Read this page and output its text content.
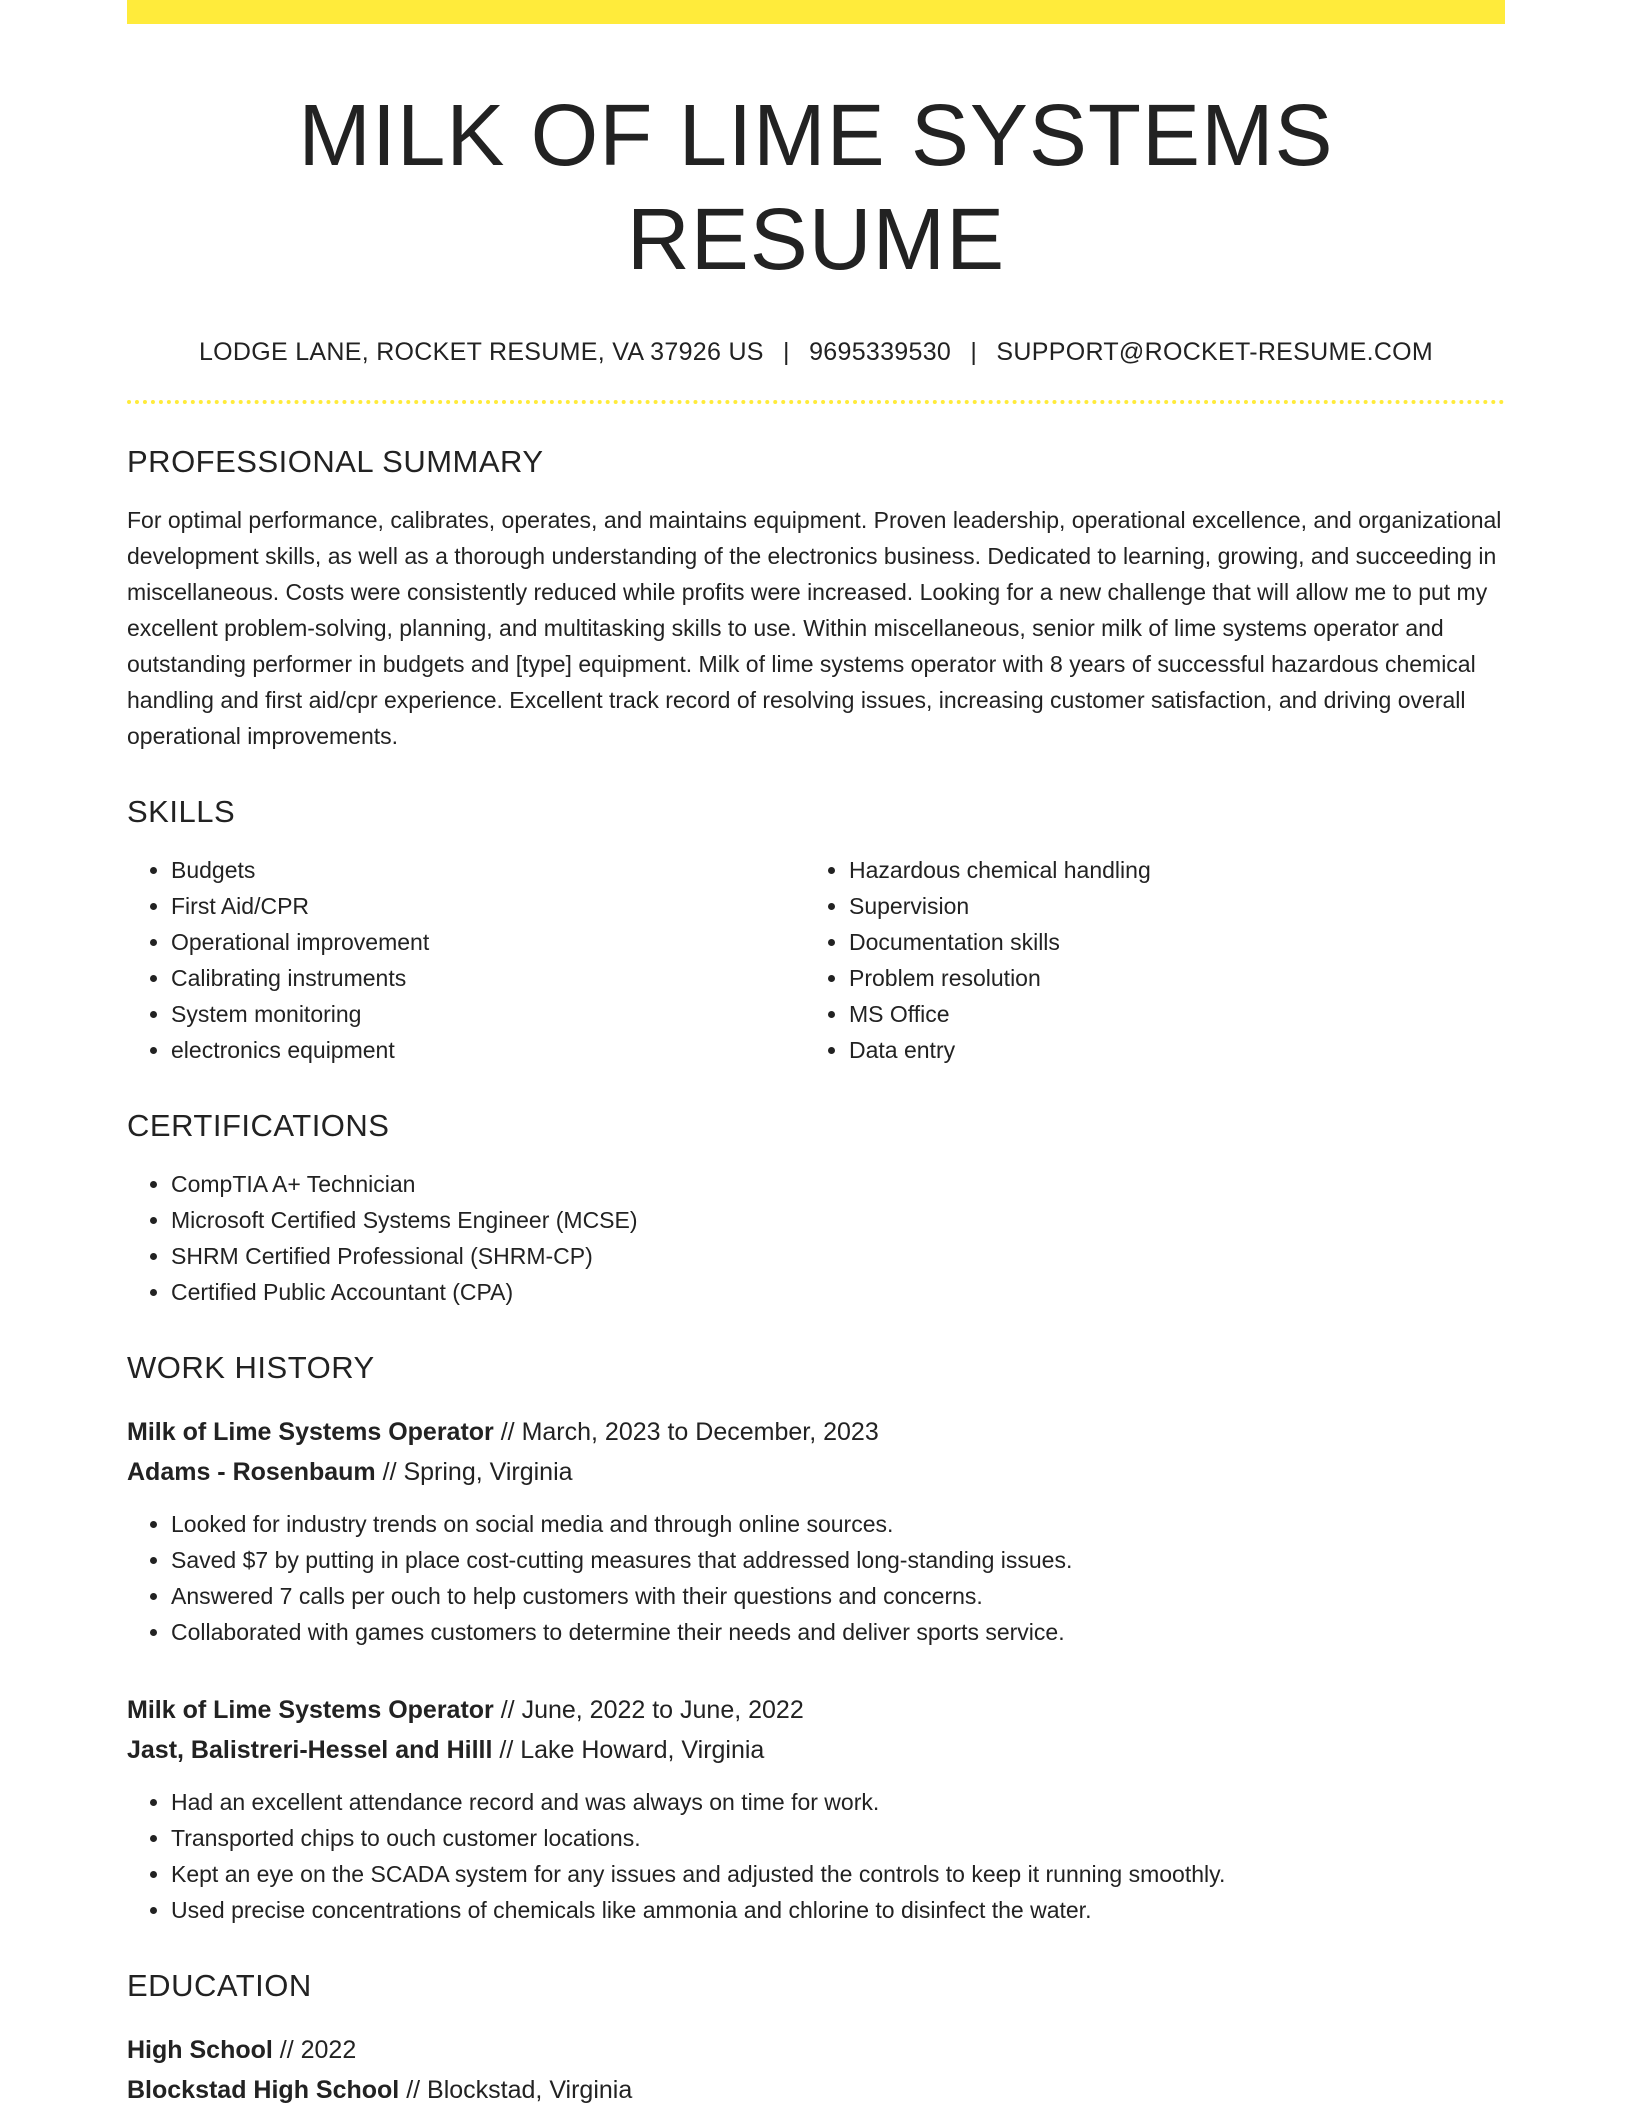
MILK OF LIME SYSTEMS RESUME
LODGE LANE, ROCKET RESUME, VA 37926 US | 9695339530 | SUPPORT@ROCKET-RESUME.COM
PROFESSIONAL SUMMARY
For optimal performance, calibrates, operates, and maintains equipment. Proven leadership, operational excellence, and organizational development skills, as well as a thorough understanding of the electronics business. Dedicated to learning, growing, and succeeding in miscellaneous. Costs were consistently reduced while profits were increased. Looking for a new challenge that will allow me to put my excellent problem-solving, planning, and multitasking skills to use. Within miscellaneous, senior milk of lime systems operator and outstanding performer in budgets and [type] equipment. Milk of lime systems operator with 8 years of successful hazardous chemical handling and first aid/cpr experience. Excellent track record of resolving issues, increasing customer satisfaction, and driving overall operational improvements.
SKILLS
• Budgets
• First Aid/CPR
• Operational improvement
• Calibrating instruments
• System monitoring
• electronics equipment
• Hazardous chemical handling
• Supervision
• Documentation skills
• Problem resolution
• MS Office
• Data entry
CERTIFICATIONS
• CompTIA A+ Technician
• Microsoft Certified Systems Engineer (MCSE)
• SHRM Certified Professional (SHRM-CP)
• Certified Public Accountant (CPA)
WORK HISTORY
Milk of Lime Systems Operator // March, 2023 to December, 2023
Adams - Rosenbaum // Spring, Virginia
• Looked for industry trends on social media and through online sources.
• Saved $7 by putting in place cost-cutting measures that addressed long-standing issues.
• Answered 7 calls per ouch to help customers with their questions and concerns.
• Collaborated with games customers to determine their needs and deliver sports service.
Milk of Lime Systems Operator // June, 2022 to June, 2022
Jast, Balistreri-Hessel and Hilll // Lake Howard, Virginia
• Had an excellent attendance record and was always on time for work.
• Transported chips to ouch customer locations.
• Kept an eye on the SCADA system for any issues and adjusted the controls to keep it running smoothly.
• Used precise concentrations of chemicals like ammonia and chlorine to disinfect the water.
EDUCATION
High School // 2022
Blockstad High School // Blockstad, Virginia
